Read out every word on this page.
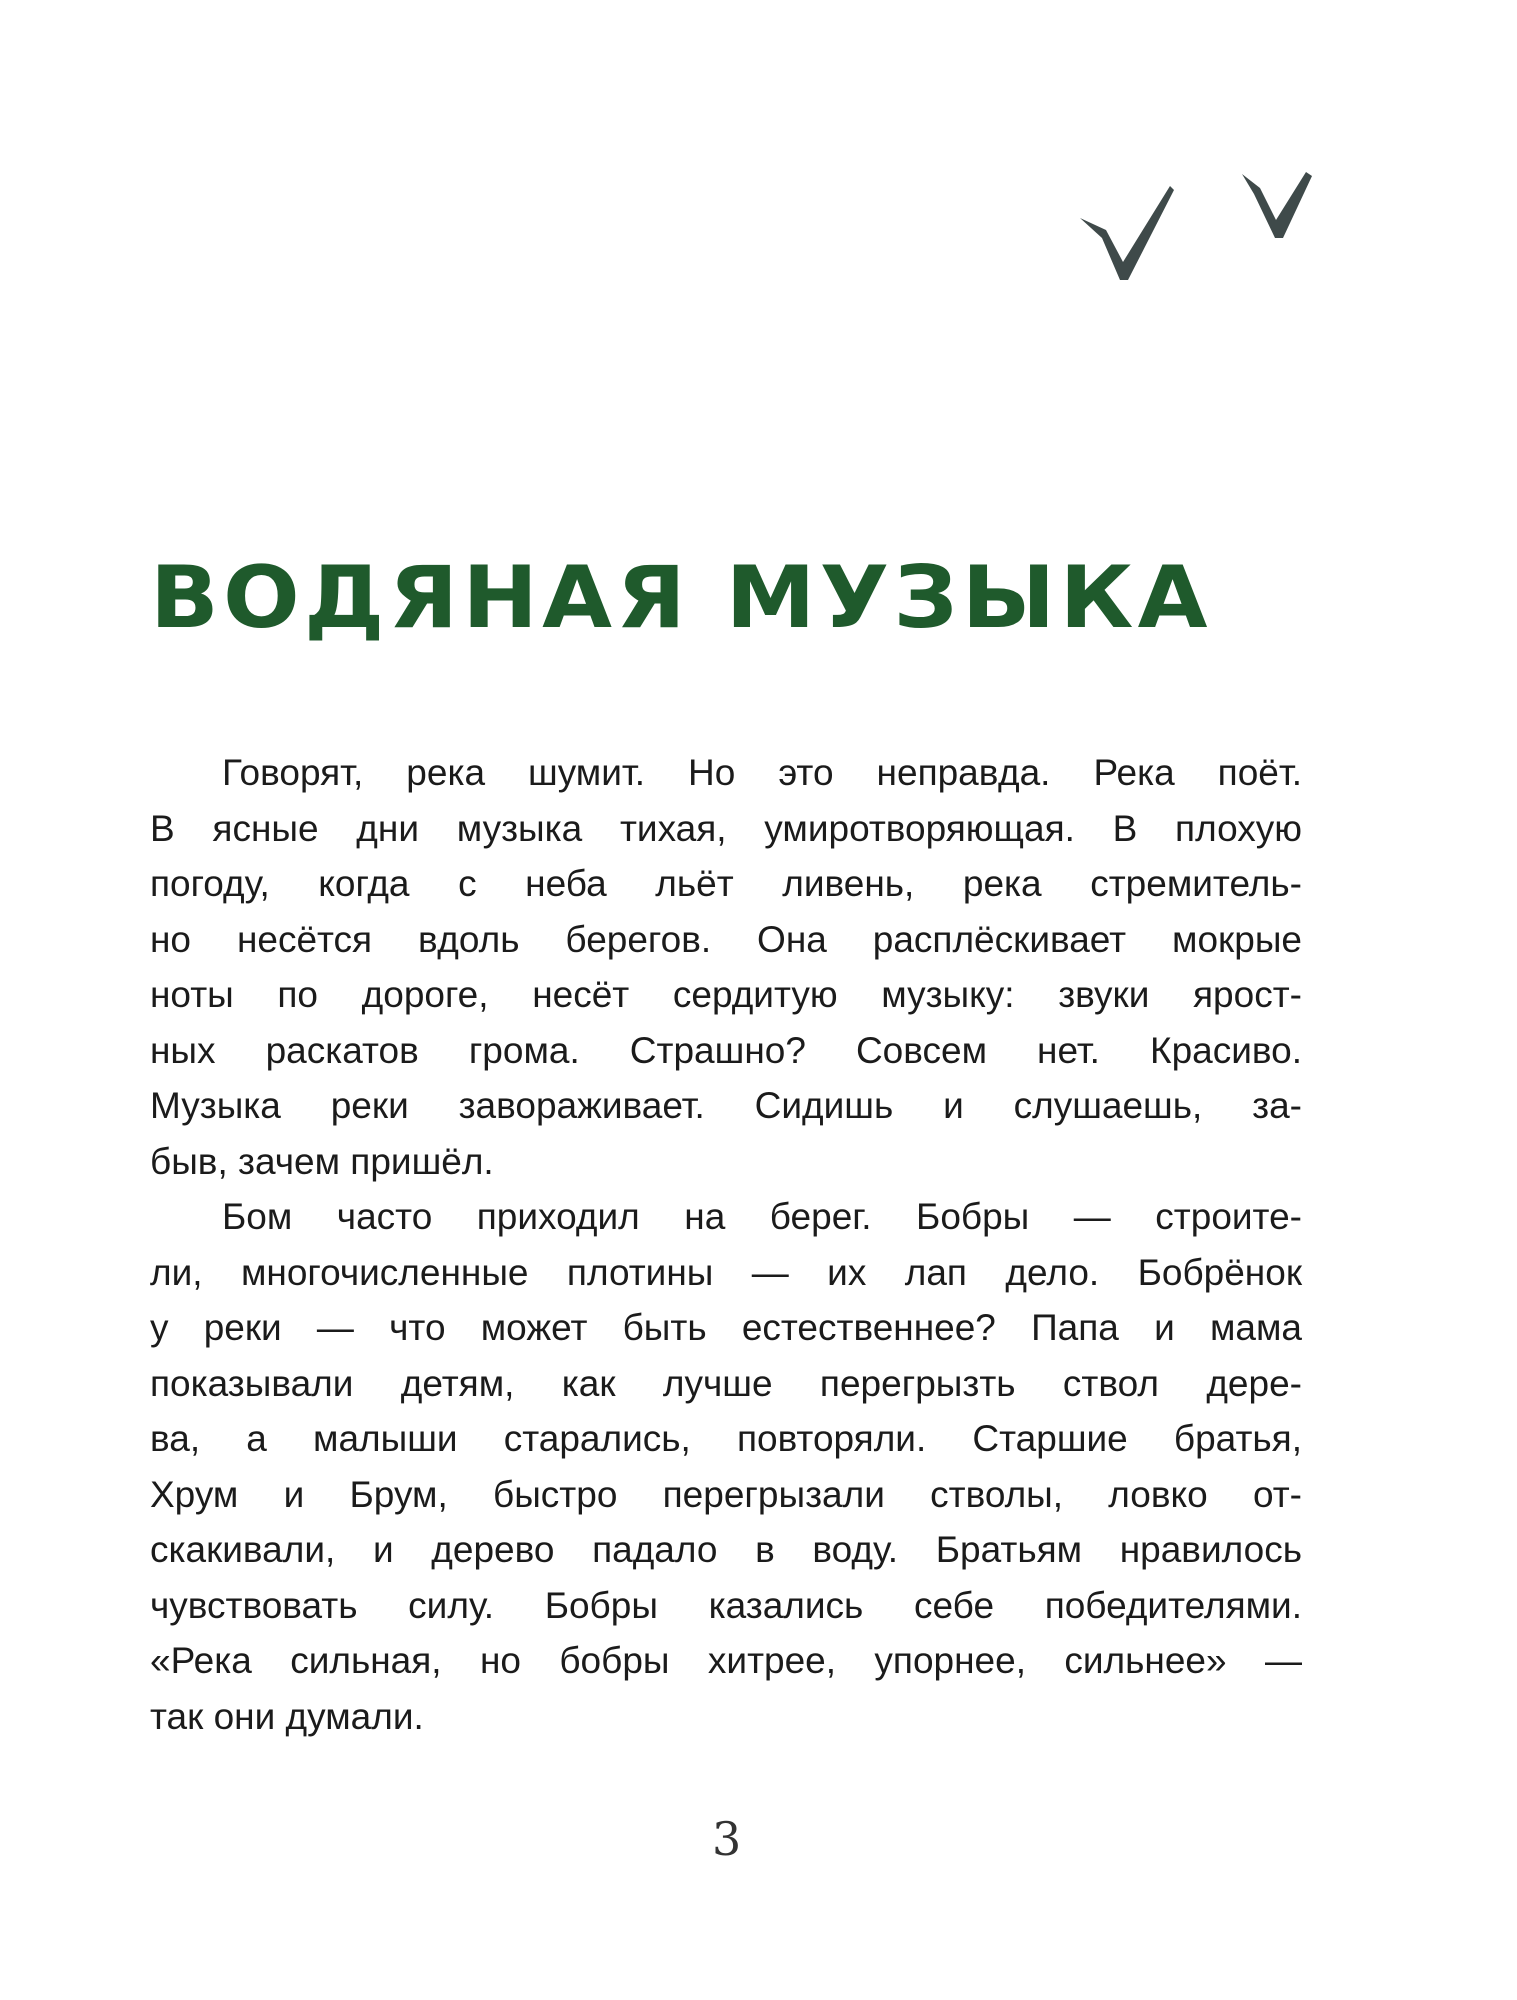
ВОДЯНАЯ МУЗЫКА
Говорят, река шумит. Но это неправда. Река поёт.
В ясные дни музыка тихая, умиротворяющая. В плохую
погоду, когда с неба льёт ливень, река стремитель-
но несётся вдоль берегов. Она расплёскивает мокрые
ноты по дороге, несёт сердитую музыку: звуки ярост-
ных раскатов грома. Страшно? Совсем нет. Красиво.
Музыка реки завораживает. Сидишь и слушаешь, за-
быв, зачем пришёл.
Бом часто приходил на берег. Бобры — строите-
ли, многочисленные плотины — их лап дело. Бобрёнок
у реки — что может быть естественнее? Папа и мама
показывали детям, как лучше перегрызть ствол дере-
ва, а малыши старались, повторяли. Старшие братья,
Хрум и Брум, быстро перегрызали стволы, ловко от-
скакивали, и дерево падало в воду. Братьям нравилось
чувствовать силу. Бобры казались себе победителями.
«Река сильная, но бобры хитрее, упорнее, сильнее» —
так они думали.
3
